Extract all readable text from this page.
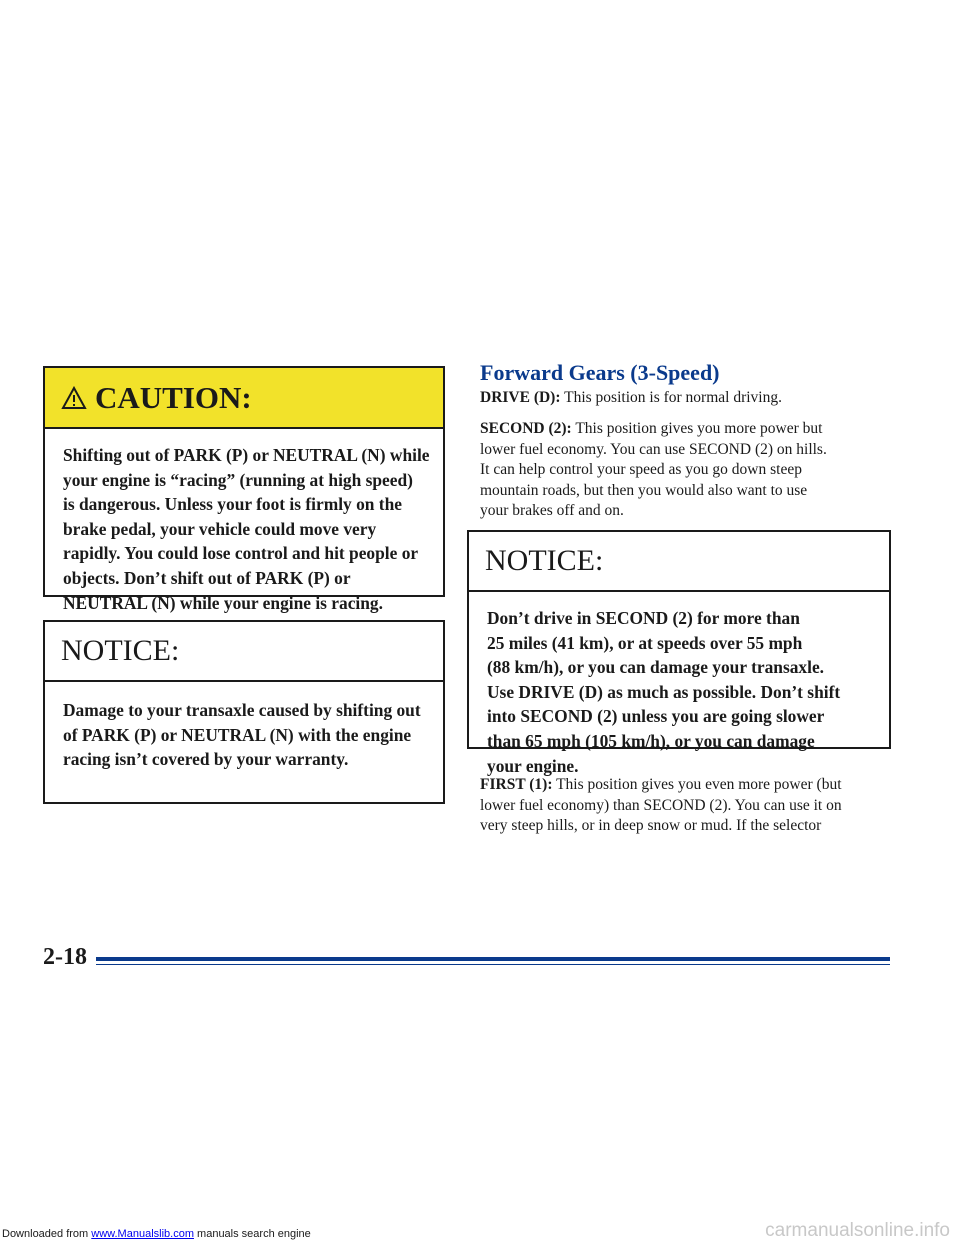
CAUTION:
Shifting out of PARK (P) or NEUTRAL (N) while
your engine is “racing” (running at high speed)
is dangerous. Unless your foot is firmly on the
brake pedal, your vehicle could move very
rapidly. You could lose control and hit people or
objects. Don’t shift out of PARK (P) or
NEUTRAL (N) while your engine is racing.
NOTICE:
Damage to your transaxle caused by shifting out
of PARK (P) or NEUTRAL (N) with the engine
racing isn’t covered by your warranty.
Forward Gears (3-Speed)

DRIVE (D): This position is for normal driving.

SECOND (2): This position gives you more power but
lower fuel economy. You can use SECOND (2) on hills.
It can help control your speed as you go down steep
mountain roads, but then you would also want to use
your brakes off and on.
NOTICE:
Don’t drive in SECOND (2) for more than
25 miles (41 km), or at speeds over 55 mph
(88 km/h), or you can damage your transaxle.
Use DRIVE (D) as much as possible. Don’t shift
into SECOND (2) unless you are going slower
than 65 mph (105 km/h), or you can damage
your engine.
FIRST (1): This position gives you even more power (but
lower fuel economy) than SECOND (2). You can use it on
very steep hills, or in deep snow or mud. If the selector
2-18
Downloaded from www.Manualslib.com manuals search engine	carmanualsonline.info
